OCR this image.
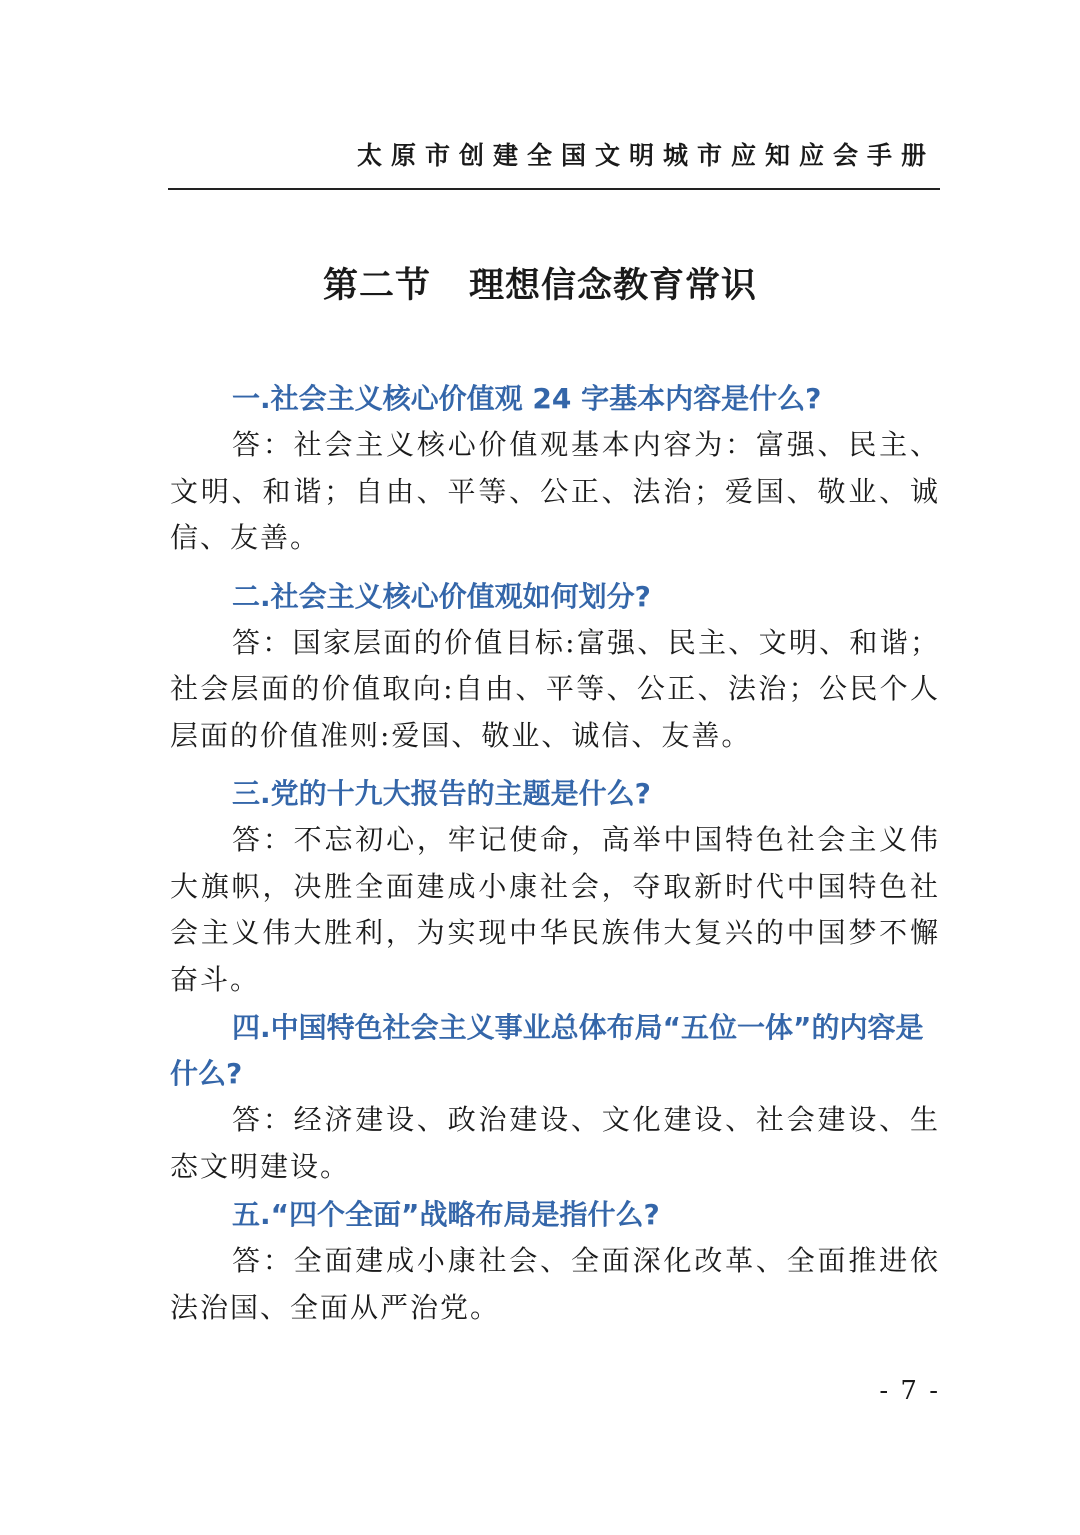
太原市创建全国文明城市应知应会手册
第二节 理想信念教育常识

一.社会主义核心价值观 24 字基本内容是什么?

答：社会主义核心价值观基本内容为：富强、民主、文明、和谐；自由、平等、公正、法治；爱国、敬业、诚信、友善。

二.社会主义核心价值观如何划分?

答：国家层面的价值目标:富强、民主、文明、和谐；社会层面的价值取向:自由、平等、公正、法治；公民个人层面的价值准则:爱国、敬业、诚信、友善。

三.党的十九大报告的主题是什么?

答：不忘初心，牢记使命，高举中国特色社会主义伟大旗帜，决胜全面建成小康社会，夺取新时代中国特色社会主义伟大胜利，为实现中华民族伟大复兴的中国梦不懈奋斗。

四.中国特色社会主义事业总体布局“五位一体”的内容是什么?

答：经济建设、政治建设、文化建设、社会建设、生态文明建设。

五.“四个全面”战略布局是指什么?

答：全面建成小康社会、全面深化改革、全面推进依法治国、全面从严治党。

- 7 -
